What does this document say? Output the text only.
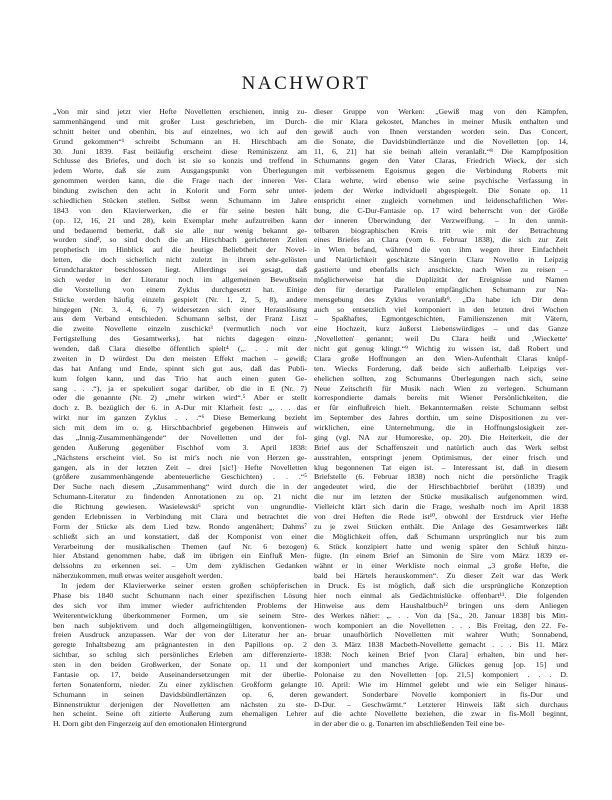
NACHWORT
„Von mir sind jetzt vier Hefte Novelletten erschienen, innig zu-
sammenhängend und mit großer Lust geschrieben, im Durch-
schnitt heiter und obenhin, bis auf einzelnes, wo ich auf den
Grund gekommen“¹ schreibt Schumann an H. Hirschbach am
30. Juni 1839. Fast beiläufig erscheint diese Reminiszenz am
Schlusse des Briefes, und doch ist sie so konzis und treffend in
jedem Worte, daß sie zum Ausgangspunkt von Überlegungen
genommen werden kann, die die Frage nach der inneren Ver-
bindung zwischen den acht in Kolorit und Form sehr unter-
schiedlichen Stücken stellen. Selbst wenn Schumann im Jahre
1843 von den Klavierwerken, die er für seine besten hält
(op. 12, 16, 21 und 28), kein Exemplar mehr aufzutreiben kann
und bedauernd bemerkt, daß sie alle nur wenig bekannt ge-
worden sind², so sind doch die an Hirschbach gerichteten Zeilen
prophetisch im Hinblick auf die heutige Beliebtheit der Novel-
letten, die doch sicherlich nicht zuletzt in ihrem sehr-gelösten
Grundcharakter beschlossen liegt. Allerdings sei gesagt, daß
sich weder in der Literatur noch im allgemeinen Bewußtsein
die Vorstellung von einem Zyklus durchgesetzt hat. Einige
Stücke werden häufig einzeln gespielt (Nr. 1, 2, 5, 8), andere
hingegen (Nr. 3, 4, 6, 7) widersetzen sich einer Herauslösung
aus dem Verband entschieden. Schumann selbst, der Franz Liszt
die zweite Novellette einzeln zuschickt³ (vermutlich noch vor
Fertigstellung des Gesamtwerks), hat nichts dagegen einzu-
wenden, daß Clara dieselbe öffentlich spielt⁴ („. . . mit der
zweiten in D würdest Du den meisten Effekt machen – gewiß;
das hat Anfang und Ende, spinnt sich gut aus, daß das Publi-
kum folgen kann, und das Trio hat auch einen guten Ge-
sang . . .“), ja er spekuliert sogar darüber, ob die in E (Nr. 7)
oder die genannte (Nr. 2) „mehr wirken wird“.⁵ Aber er stellt
doch z. B. bezüglich der 6. in A-Dur mit Klarheit fest: „. . . das
wirkt nur im ganzen Zyklus . . .“⁶ Diese Bemerkung bezieht
sich mit dem im o. g. Hirschbachbrief gegebenen Hinweis auf
das „Innig-Zusammenhängende“ der Novelletten und der fol-
genden Äußerung gegenüber Fischhof vom 3. April 1838:
„Nächstens erscheint viel. So ist mir's noch nie von Herzen ge-
gangen, als in der letzten Zeit – drei [sic!] Hefte Novelletten
(größere zusammenhängende abenteuerliche Geschichten) . . .“⁵
Der Suche nach diesem „Zusammenhang“ wird durch die in der
Schumann-Literatur zu findenden Annotationen zu op. 21 nicht
die Richtung gewiesen. Wasielewski⁶ spricht von ungrundlie-
genden Erlebnissen in Verbindung mit Clara und betrachtet die
Form der Stücke als dem Lied bzw. Rondo angenähert; Dahms⁷
schließt sich an und konstatiert, daß der Komponist von einer
Verarbeitung der musikalischen Themen (auf Nr. 6 bezogen)
hier Abstand genommen habe, daß im übrigen ein Einfluß Men-
delssohns zu erkennen sei. – Um dem zyklischen Gedanken
näherzukommen, muß etwas weiter ausgeholt werden.
In jedem der Klavierwerke seiner ersten großen schöpferischen
Phase bis 1840 sucht Schumann nach einer spezifischen Lösung
des sich vor ihm immer wieder aufrichtenden Problems der
Weiterentwicklung überkommener Formen, um sie seinem Stre-
ben nach subjektivem und doch allgemeingültigen, konventionen-
freien Ausdruck anzupassen. War der von der Literatur her an-
geregte Inhaltsbezug am prägnantesten in den Papillons op. 2
sichtbar, so schlug sich persönliches Erleben am differenzierte-
sten in den beiden Großwerken, der Sonate op. 11 und der
Fantasie op. 17, beide Auseinandersetzungen mit der überlie-
ferten Sonatenform, nieder. Zu einer zyklischen Großform gelangte
Schumann in seinen Davidsbündlertänzen op. 6, deren
Binnenstruktur derjenigen der Novelletten am nächsten zu ste-
hen scheint. Seine oft zitierte Äußerung zum ehemaligen Lehrer
H. Dorn gibt den Fingerzeig auf den emotionalen Hintergrund
dieser Gruppe von Werken: „Gewiß mag von den Kämpfen,
die mir Klara gekostet, Manches in meiner Musik enthalten und
gewiß auch von Ihnen verstanden worden sein. Das Concert,
die Sonate, die Davidsbündlertänze und die Novelletten [op. 14,
11, 6, 21] hat sie beinah allein veranlaßt.“⁸ Die Kampfposition
Schumanns gegen den Vater Claras, Friedrich Wieck, der sich
mit verbissenem Egoismus gegen die Verbindung Roberts mit
Clara wehrte, wird ebenso wie seine psychische Verfassung in
jedem der Werke individuell abgespiegelt. Die Sonate op. 11
entspricht einer zugleich vornehmen und leidenschaftlichen Wer-
bung, die C-Dur-Fantasie op. 17 wird beherrscht von der Größe
der inneren Überwindung der Verzweiflung. – In den unmit-
telbaren biographischen Kreis tritt wie mit der Betrachtung
eines Briefes an Clara (vom 6. Februar 1838), die sich zur Zeit
in Wien befand, während die von ihm wegen ihrer Einfachheit
und Natürlichkeit geschätzte Sängerin Clara Novello in Leipzig
gastierte und ebenfalls sich anschickte, nach Wien zu reisen –
möglicherweise hat die Duplizität der Ereignisse und Namen
den für derartige Parallelen empfänglichen Schumann zur Na-
mensgebung des Zyklus veranlaßt⁹. „Da habe ich Dir denn
auch so entsetzlich viel komponiert in den letzten drei Wochen
– Spaßhaftes, Egmontgeschichten, Familienszenen mit Vätern,
eine Hochzeit, kurz äußerst Liebenswürdiges – und das Ganze
‚Novelletten' genannt; weil Du Clara heißt und ‚Wieckette‘
nicht gut genug klingt.“⁹ Wichtig zu wissen ist, daß Robert und
Clara große Hoffnungen an den Wien-Aufenthalt Claras knüpf-
ten. Wiecks Forderung, daß beide sich außerhalb Leipzigs ver-
ehelichen sollten, zog Schumanns Überlegungen nach sich, seine
Neue Zeitschrift für Musik nach Wien zu verlegen. Schumann
korrespondierte damals bereits mit Wiener Persönlichkeiten, die
er für einflußreich hielt. Bekanntermaßen reiste Schumann selbst
im September des Jahres dorthin, um seine Dispositionen zu ver-
wirklichen, eine Unternehmung, die in Hoffnungslosigkeit zer-
ging (vgl. NA zur Humoreske, op. 20). Die Heiterkeit, die der
Brief aus der Schaffenszeit und natürlich auch das Werk selbst
ausstrahlen, entspringt jenem Optimismus, der einer frisch und
klug begonnenen Tat eigen ist. – Interessant ist, daß in diesem
Briefstelle (6. Februar 1838) noch nicht die persönliche Tragik
angedeutet wird, die der Hirschbachbrief berührt (1839) und
die nur im letzten der Stücke musikalisch aufgenommen wird.
Vielleicht klärt sich darin die Frage, weshalb noch im April 1838
von drei Heften die Rede ist¹⁰, obwohl der Erstdruck vier Hefte
zu je zwei Stücken enthält. Die Anlage des Gesamtwerkes läßt
die Möglichkeit offen, daß Schumann ursprünglich nur bis zum
6. Stück konzipiert hatte und wenig später den Schluß hinzu-
fügte. (In einem Brief an Simonin de Sire vom März 1839 er-
wähnt er in einer Werkliste noch einmal „3 große Hefte, die
bald bei Härtels herauskommen“. Zu dieser Zeit war das Werk
in Druck. Es ist möglich, daß sich die ursprüngliche Konzeption
hier noch einmal als Gedächtnislücke offenbart¹¹. Die folgenden
Hinweise aus dem Haushaltbuch¹² bringen uns dem Anliegen
des Werkes näher: „. . . Von da [Sa., 20. Januar 1838] bis Mitt-
woch komponiert an die Novelletten . . . Bis Freitag, den 22. Fe-
bruar unaufhörlich Novelletten mit wahrer Wuth; Sonnabend,
den 3. März 1838 Macbeth-Novellette gemacht . . . Bis 11. März
1838: Noch keinen Brief [von Clara] erhalten, bin und her-
komponiert und manches Arige. Glückes genug [op. 15] und
Polonaise zu den Novelletten [op. 21,5] komponiert . . . D.
10. April: Wie im Himmel gelebt und wie ein Seliger hinaus-
gewandert. Sonderbare Novelle komponiert in fis-Dur und
D-Dur. – Geschwärmt.“ Letzterer Hinweis läßt sich durchaus
auf die achte Novellette beziehen, die zwar in fis-Moll beginnt,
in der aber die o. g. Tonarten im abschließenden Teil eine be-
